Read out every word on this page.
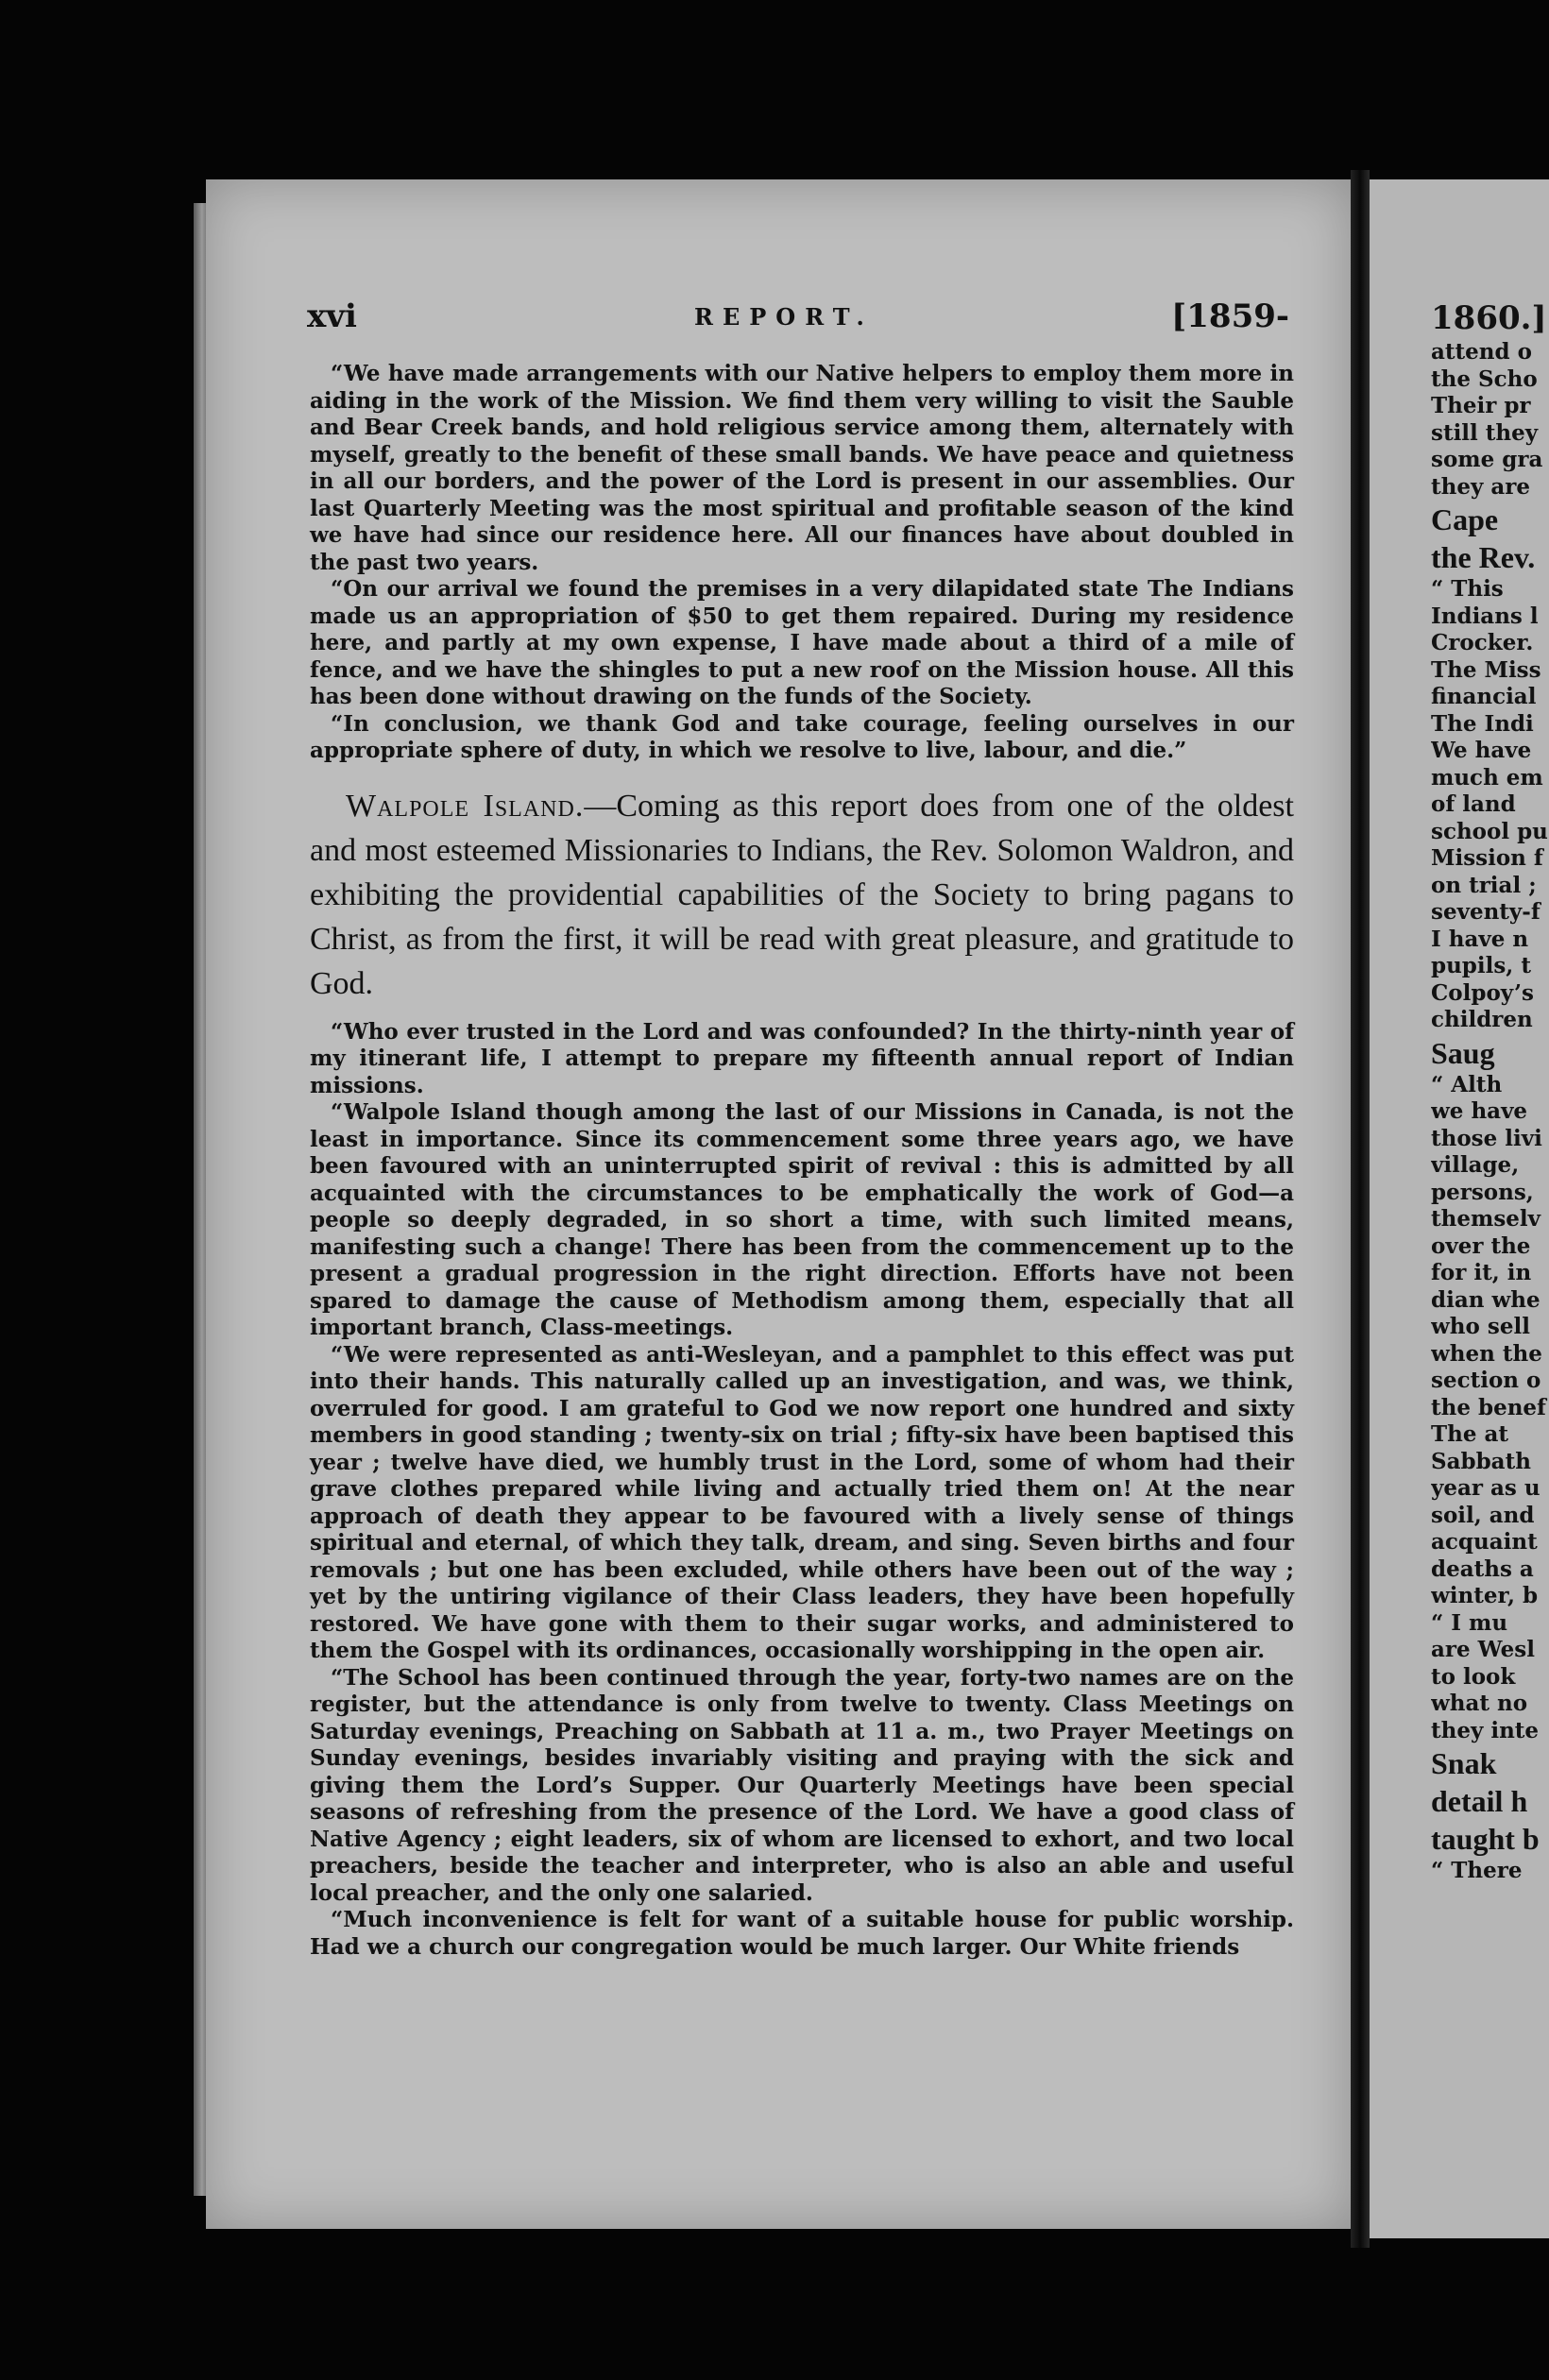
xvi	REPORT.	[1859-

“We have made arrangements with our Native helpers to employ them more in aiding in the work of the Mission. We find them very willing to visit the Sauble and Bear Creek bands, and hold religious service among them, alternately with myself, greatly to the benefit of these small bands. We have peace and quietness in all our borders, and the power of the Lord is present in our assemblies. Our last Quarterly Meeting was the most spiritual and profitable season of the kind we have had since our residence here. All our finances have about doubled in the past two years.

“On our arrival we found the premises in a very dilapidated state The Indians made us an appropriation of $50 to get them repaired. During my residence here, and partly at my own expense, I have made about a third of a mile of fence, and we have the shingles to put a new roof on the Mission house. All this has been done without drawing on the funds of the Society.

“In conclusion, we thank God and take courage, feeling ourselves in our appropriate sphere of duty, in which we resolve to live, labour, and die.”

Walpole Island.—Coming as this report does from one of the oldest and most esteemed Missionaries to Indians, the Rev. Solomon Waldron, and exhibiting the providential capabilities of the Society to bring pagans to Christ, as from the first, it will be read with great pleasure, and gratitude to God.

“Who ever trusted in the Lord and was confounded? In the thirty-ninth year of my itinerant life, I attempt to prepare my fifteenth annual report of Indian missions.

“Walpole Island though among the last of our Missions in Canada, is not the least in importance. Since its commencement some three years ago, we have been favoured with an uninterrupted spirit of revival : this is admitted by all acquainted with the circumstances to be emphatically the work of God—a people so deeply degraded, in so short a time, with such limited means, manifesting such a change! There has been from the commencement up to the present a gradual progression in the right direction. Efforts have not been spared to damage the cause of Methodism among them, especially that all important branch, Class-meetings.

“We were represented as anti-Wesleyan, and a pamphlet to this effect was put into their hands. This naturally called up an investigation, and was, we think, overruled for good. I am grateful to God we now report one hundred and sixty members in good standing ; twenty-six on trial ; fifty-six have been baptised this year ; twelve have died, we humbly trust in the Lord, some of whom had their grave clothes prepared while living and actually tried them on! At the near approach of death they appear to be favoured with a lively sense of things spiritual and eternal, of which they talk, dream, and sing. Seven births and four removals ; but one has been excluded, while others have been out of the way ; yet by the untiring vigilance of their Class leaders, they have been hopefully restored. We have gone with them to their sugar works, and administered to them the Gospel with its ordinances, occasionally worshipping in the open air.

“The School has been continued through the year, forty-two names are on the register, but the attendance is only from twelve to twenty. Class Meetings on Saturday evenings, Preaching on Sabbath at 11 a. m., two Prayer Meetings on Sunday evenings, besides invariably visiting and praying with the sick and giving them the Lord’s Supper. Our Quarterly Meetings have been special seasons of refreshing from the presence of the Lord. We have a good class of Native Agency ; eight leaders, six of whom are licensed to exhort, and two local preachers, beside the teacher and interpreter, who is also an able and useful local preacher, and the only one salaried.

“Much inconvenience is felt for want of a suitable house for public worship. Had we a church our congregation would be much larger. Our White friends

1860.]
attend o
the Scho
Their pr
still they
some gra
they are
Cape
the Rev.
“ This
Indians l
Crocker.
The Miss
financial
The Indi
We have
much em
of land
school pu
Mission f
on trial ;
seventy-f
I have n
pupils, t
Colpoy’s
children
Saug
“ Alth
we have
those livi
village,
persons,
themselv
over the
for it, in
dian whe
who sell
when the
section o
the benef
The at
Sabbath
year as u
soil, and
acquaint
deaths a
winter, b
“ I mu
are Wesl
to look
what no
they inte
Snak
detail h
taught b
“ There
